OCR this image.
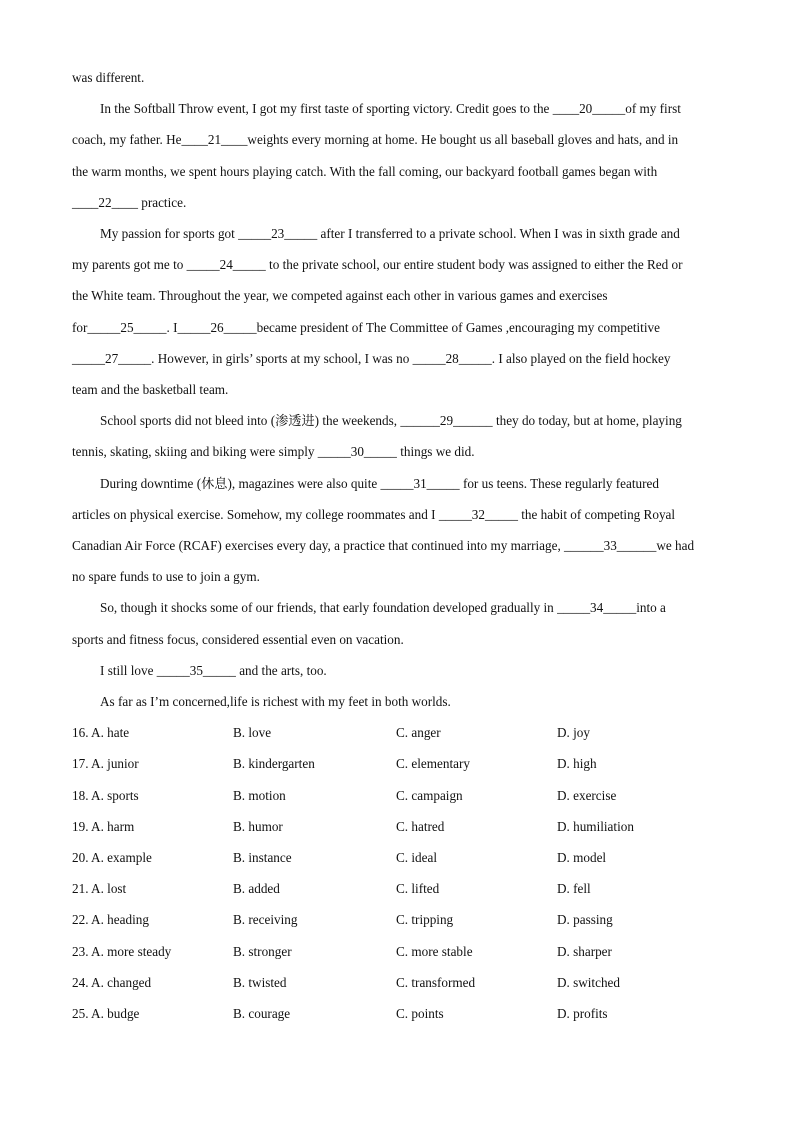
was different.
In the Softball Throw event, I got my first taste of sporting victory. Credit goes to the ____20_____of my first
coach, my father. He____21____weights every morning at home. He bought us all baseball gloves and hats, and in
the warm months, we spent hours playing catch. With the fall coming, our backyard football games began with
____22____ practice.
My passion for sports got _____23_____ after I transferred to a private school. When I was in sixth grade and
my parents got me to _____24_____ to the private school, our entire student body was assigned to either the Red or
the White team. Throughout the year, we competed against each other in various games and exercises
for_____25_____. I_____26_____became president of The Committee of Games ,encouraging my competitive
_____27_____. However, in girls’ sports at my school, I was no _____28_____. I also played on the field hockey
team and the basketball team.
School sports did not bleed into (渗透进) the weekends, ______29______ they do today, but at home, playing
tennis, skating, skiing and biking were simply _____30_____ things we did.
During downtime (休息), magazines were also quite _____31_____ for us teens. These regularly featured
articles on physical exercise. Somehow, my college roommates and I _____32_____ the habit of competing Royal
Canadian Air Force (RCAF) exercises every day, a practice that continued into my marriage, ______33______we had
no spare funds to use to join a gym.
So, though it shocks some of our friends, that early foundation developed gradually in _____34_____into a
sports and fitness focus, considered essential even on vacation.
I still love _____35_____ and the arts, too.
As far as I’m concerned,life is richest with my feet in both worlds.
16. A. hate	B. love	C. anger	D. joy
17. A. junior	B. kindergarten	C. elementary	D. high
18. A. sports	B. motion	C. campaign	D. exercise
19. A. harm	B. humor	C. hatred	D. humiliation
20. A. example	B. instance	C. ideal	D. model
21. A. lost	B. added	C. lifted	D. fell
22. A. heading	B. receiving	C. tripping	D. passing
23. A. more steady	B. stronger	C. more stable	D. sharper
24. A. changed	B. twisted	C. transformed	D. switched
25. A. budge	B. courage	C. points	D. profits
